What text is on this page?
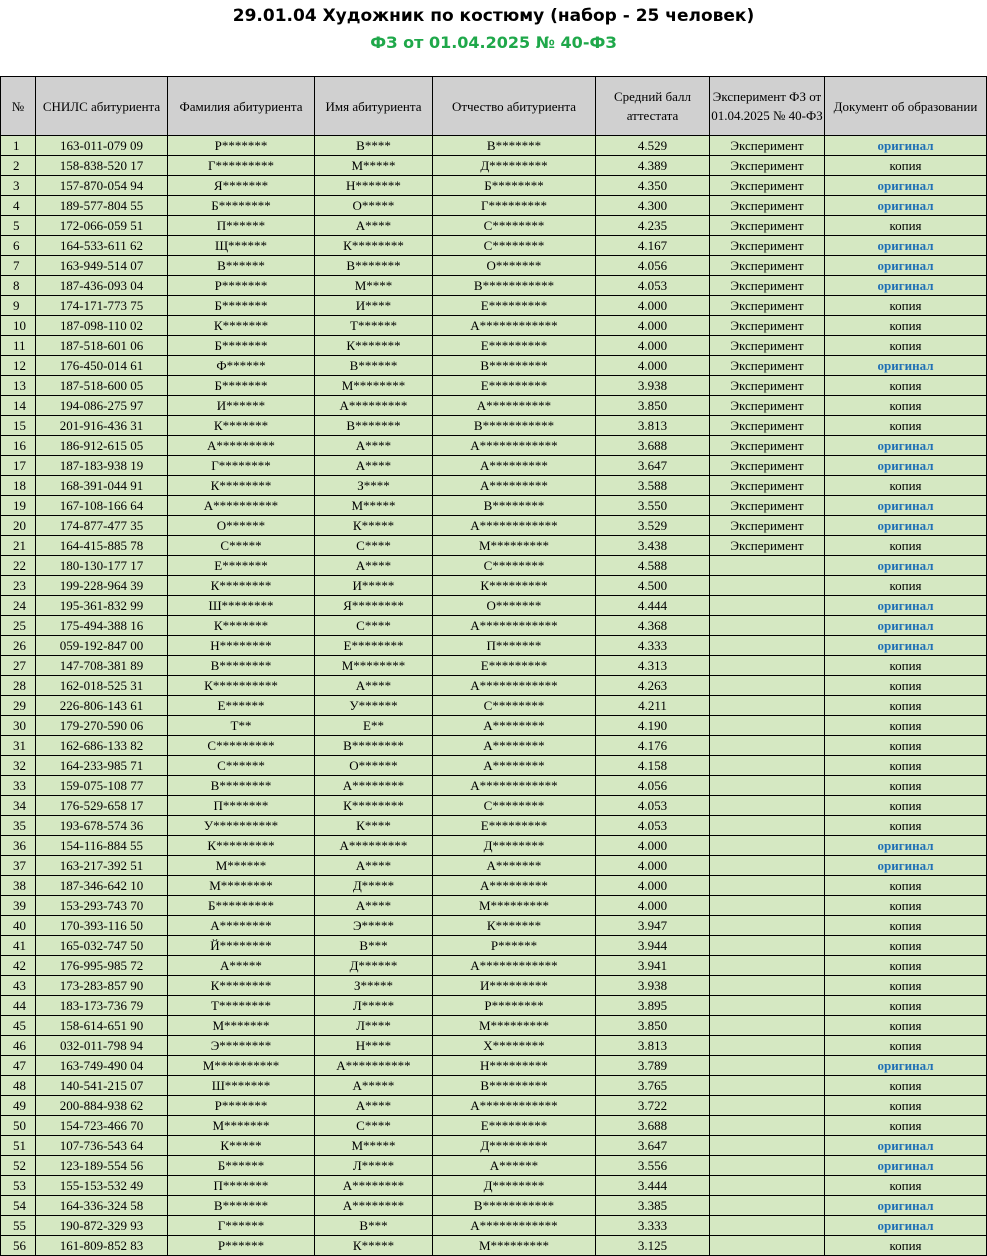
29.01.04 Художник по костюму (набор - 25 человек)
ФЗ от 01.04.2025 № 40-ФЗ
№	СНИЛС абитуриента	Фамилия абитуриента	Имя абитуриента	Отчество абитуриента	Средний балл аттестата	Эксперимент ФЗ от 01.04.2025 № 40-ФЗ	Документ об образовании
1	163-011-079 09	Р*******	В****	В*******	4.529	Эксперимент	оригинал
2	158-838-520 17	Г*********	М*****	Д*********	4.389	Эксперимент	копия
3	157-870-054 94	Я*******	Н*******	Б********	4.350	Эксперимент	оригинал
4	189-577-804 55	Б********	О*****	Г*********	4.300	Эксперимент	оригинал
5	172-066-059 51	П******	А****	С********	4.235	Эксперимент	копия
6	164-533-611 62	Щ******	К********	С********	4.167	Эксперимент	оригинал
7	163-949-514 07	В******	В*******	О*******	4.056	Эксперимент	оригинал
8	187-436-093 04	Р*******	М****	В***********	4.053	Эксперимент	оригинал
9	174-171-773 75	Б*******	И****	Е*********	4.000	Эксперимент	копия
10	187-098-110 02	К*******	Т******	А************	4.000	Эксперимент	копия
11	187-518-601 06	Б*******	К*******	Е*********	4.000	Эксперимент	копия
12	176-450-014 61	Ф******	В******	В*********	4.000	Эксперимент	оригинал
13	187-518-600 05	Б*******	М********	Е*********	3.938	Эксперимент	копия
14	194-086-275 97	И******	А*********	А**********	3.850	Эксперимент	копия
15	201-916-436 31	К*******	В*******	В***********	3.813	Эксперимент	копия
16	186-912-615 05	А*********	А****	А************	3.688	Эксперимент	оригинал
17	187-183-938 19	Г********	А****	А*********	3.647	Эксперимент	оригинал
18	168-391-044 91	К********	З****	А*********	3.588	Эксперимент	копия
19	167-108-166 64	А**********	М*****	В********	3.550	Эксперимент	оригинал
20	174-877-477 35	О******	К*****	А************	3.529	Эксперимент	оригинал
21	164-415-885 78	С*****	С****	М*********	3.438	Эксперимент	копия
22	180-130-177 17	Е*******	А****	С********	4.588		оригинал
23	199-228-964 39	К********	И*****	К*********	4.500		копия
24	195-361-832 99	Ш********	Я********	О*******	4.444		оригинал
25	175-494-388 16	К*******	С****	А************	4.368		оригинал
26	059-192-847 00	Н********	Е********	П*******	4.333		оригинал
27	147-708-381 89	В********	М********	Е*********	4.313		копия
28	162-018-525 31	К**********	А****	А************	4.263		копия
29	226-806-143 61	Е******	У******	С********	4.211		копия
30	179-270-590 06	Т**	Е**	А********	4.190		копия
31	162-686-133 82	С*********	В********	А********	4.176		копия
32	164-233-985 71	С******	О******	А********	4.158		копия
33	159-075-108 77	В********	А********	А************	4.056		копия
34	176-529-658 17	П*******	К********	С********	4.053		копия
35	193-678-574 36	У**********	К****	Е*********	4.053		копия
36	154-116-884 55	К*********	А*********	Д********	4.000		оригинал
37	163-217-392 51	М******	А****	А*******	4.000		оригинал
38	187-346-642 10	М********	Д*****	А*********	4.000		копия
39	153-293-743 70	Б*********	А****	М*********	4.000		копия
40	170-393-116 50	А********	Э*****	К*******	3.947		копия
41	165-032-747 50	Й********	В***	Р******	3.944		копия
42	176-995-985 72	А*****	Д******	А************	3.941		копия
43	173-283-857 90	К********	З*****	И*********	3.938		копия
44	183-173-736 79	Т********	Л*****	Р********	3.895		копия
45	158-614-651 90	М*******	Л****	М*********	3.850		копия
46	032-011-798 94	Э********	Н****	Х********	3.813		копия
47	163-749-490 04	М**********	А**********	Н*********	3.789		оригинал
48	140-541-215 07	Ш*******	А*****	В*********	3.765		копия
49	200-884-938 62	Р*******	А****	А************	3.722		копия
50	154-723-466 70	М*******	С****	Е*********	3.688		копия
51	107-736-543 64	К*****	М*****	Д*********	3.647		оригинал
52	123-189-554 56	Б******	Л*****	А******	3.556		оригинал
53	155-153-532 49	П*******	А********	Д********	3.444		копия
54	164-336-324 58	В*******	А********	В***********	3.385		оригинал
55	190-872-329 93	Г******	В***	А************	3.333		оригинал
56	161-809-852 83	Р******	К*****	М*********	3.125		копия
